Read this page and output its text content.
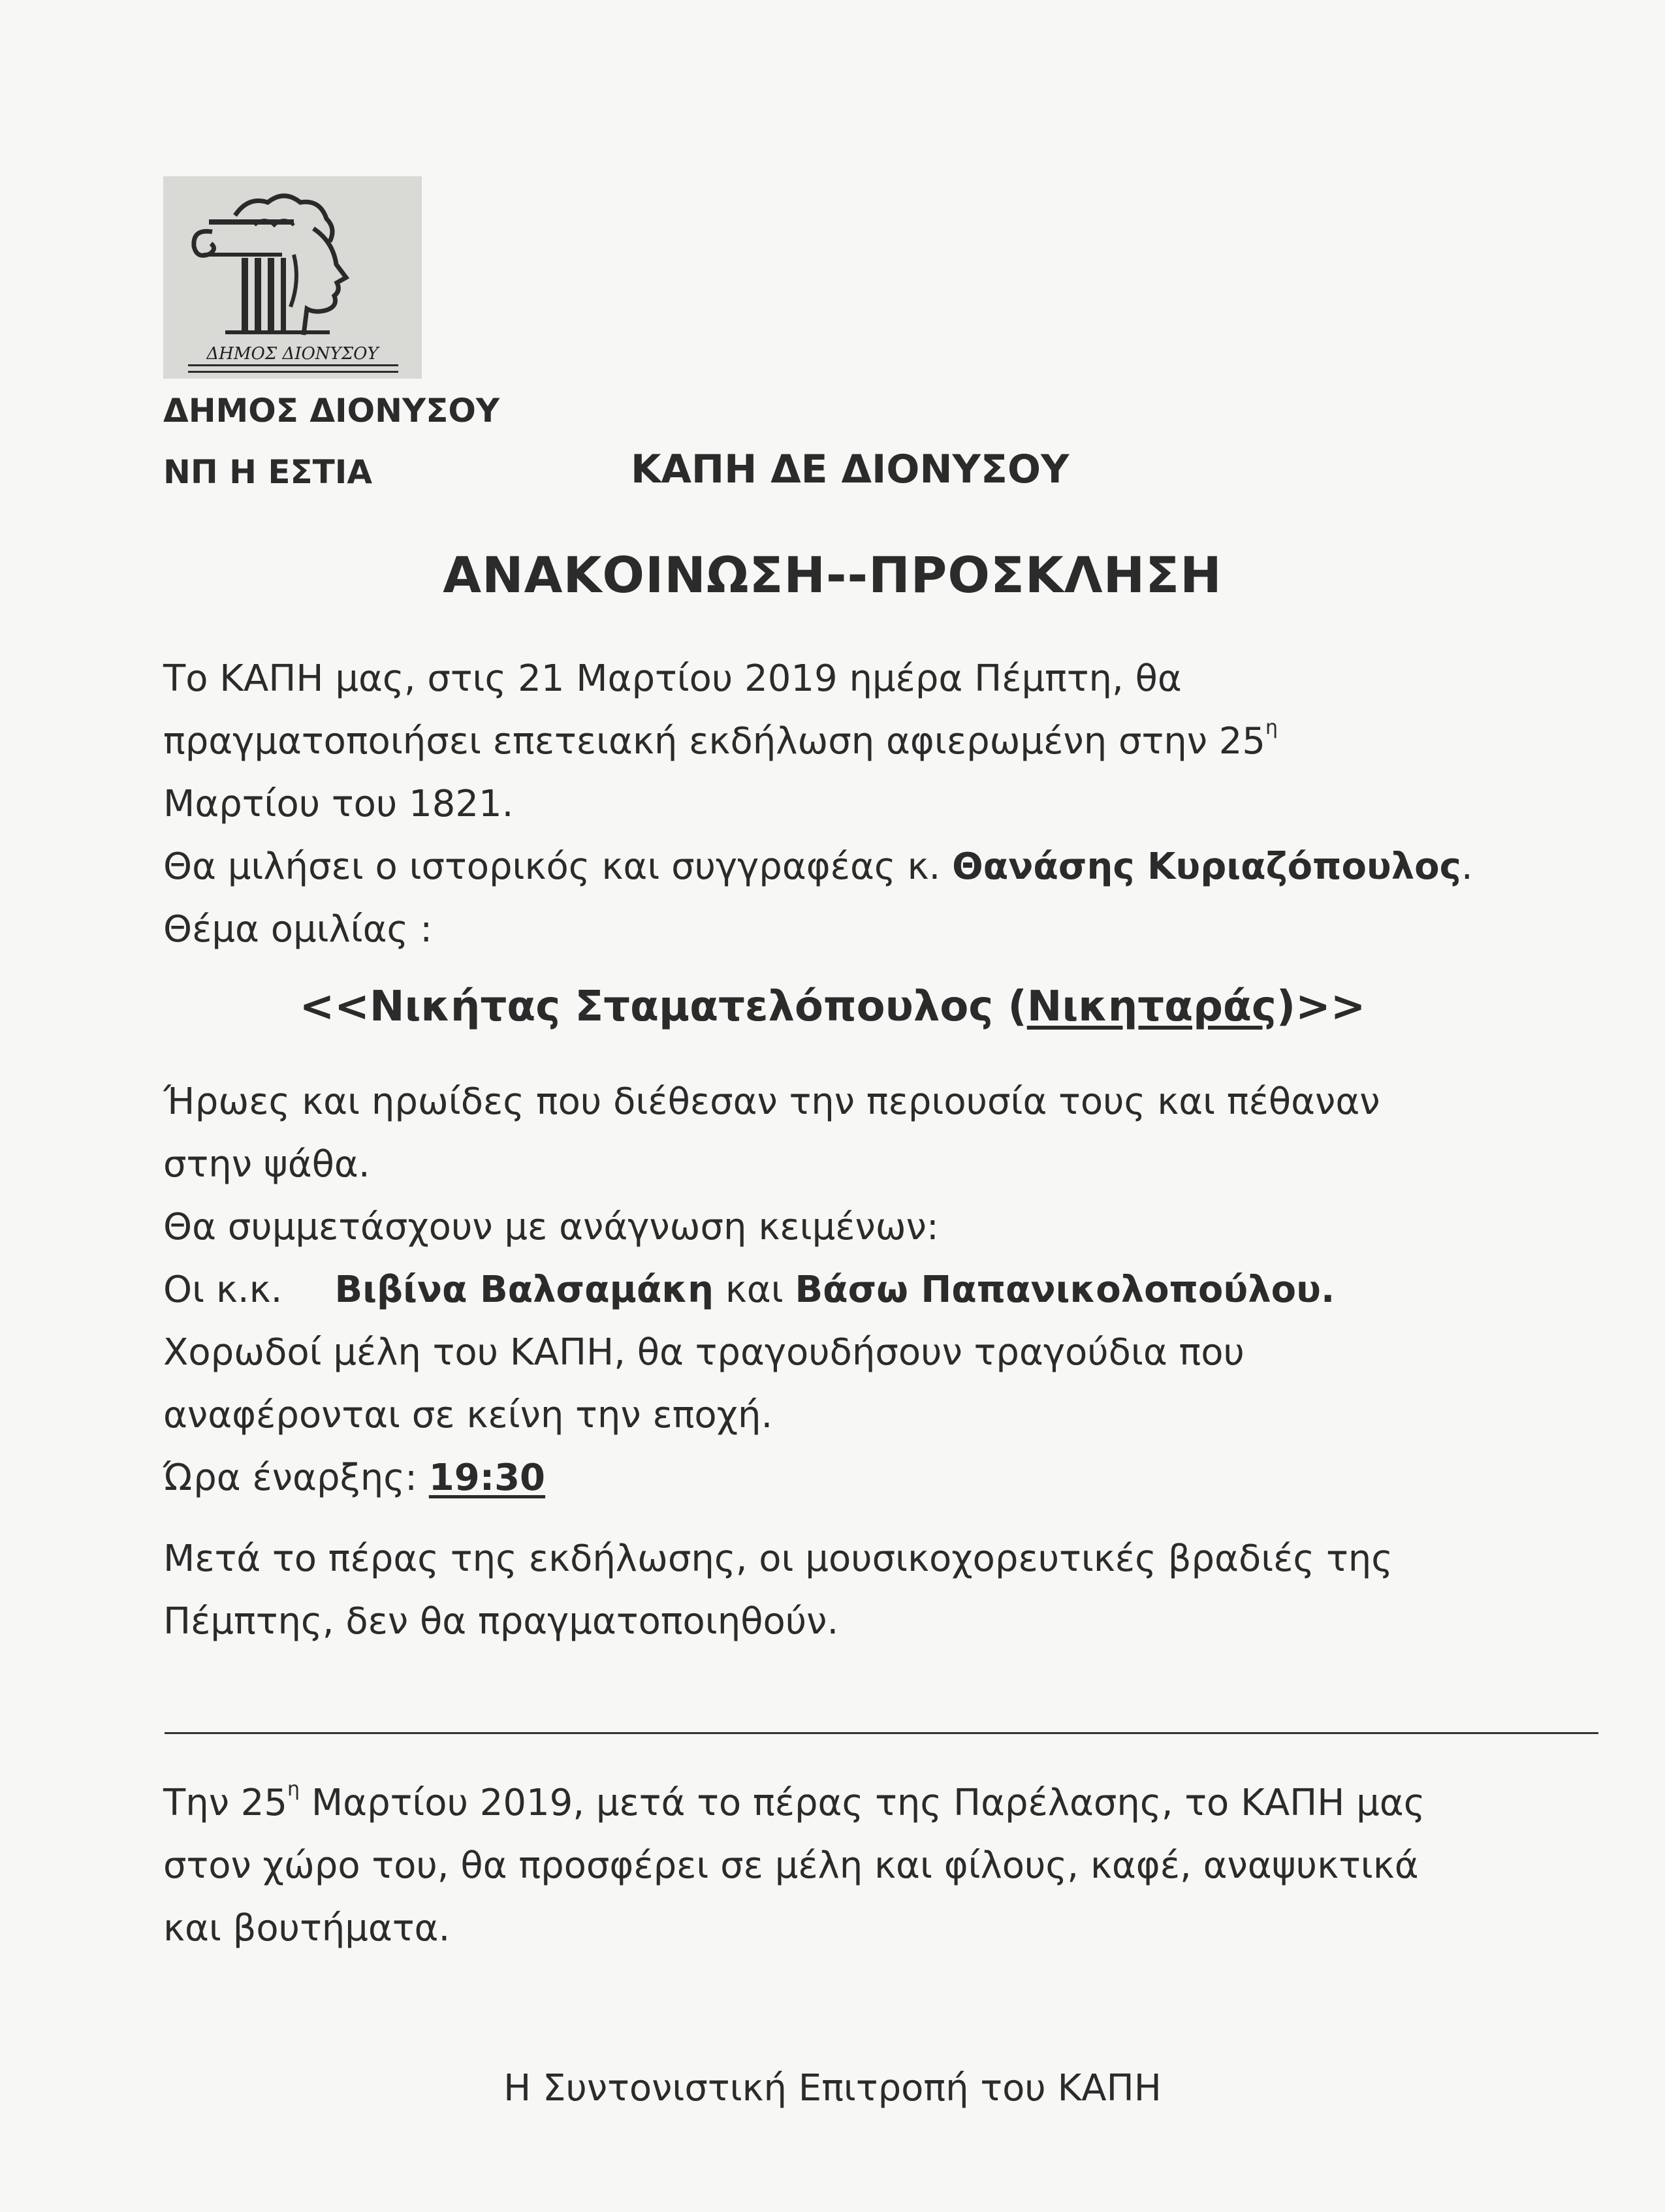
ΔΗΜΟΣ ΔΙΟΝΥΣΟΥ
ΔΗΜΟΣ ΔΙΟΝΥΣΟΥ
ΝΠ Η ΕΣΤΙΑ	ΚΑΠΗ ΔΕ ΔΙΟΝΥΣΟΥ
ΑΝΑΚΟΙΝΩΣΗ--ΠΡΟΣΚΛΗΣΗ
Το ΚΑΠΗ μας, στις 21 Μαρτίου 2019 ημέρα Πέμπτη, θα
πραγματοποιήσει επετειακή εκδήλωση αφιερωμένη στην $25^\eta$
Μαρτίου του 1821.
Θα μιλήσει ο ιστορικός και συγγραφέας κ. Θανάσης Κυριαζόπουλος.
Θέμα ομιλίας :
<<Νικήτας Σταματελόπουλος (Νικηταράς)>>
Ήρωες και ηρωίδες που διέθεσαν την περιουσία τους και πέθαναν
στην ψάθα.
Θα συμμετάσχουν με ανάγνωση κειμένων:
Οι κ.κ. Βιβίνα Βαλσαμάκη και Βάσω Παπανικολοπούλου.
Χορωδοί μέλη του ΚΑΠΗ, θα τραγουδήσουν τραγούδια που
αναφέρονται σε κείνη την εποχή.
Ώρα έναρξης: 19:30
Μετά το πέρας της εκδήλωσης, οι μουσικοχορευτικές βραδιές της
Πέμπτης, δεν θα πραγματοποιηθούν.
Την $25^\eta$ Μαρτίου 2019, μετά το πέρας της Παρέλασης, το ΚΑΠΗ μας
στον χώρο του, θα προσφέρει σε μέλη και φίλους, καφέ, αναψυκτικά
και βουτήματα.
Η Συντονιστική Επιτροπή του ΚΑΠΗ
